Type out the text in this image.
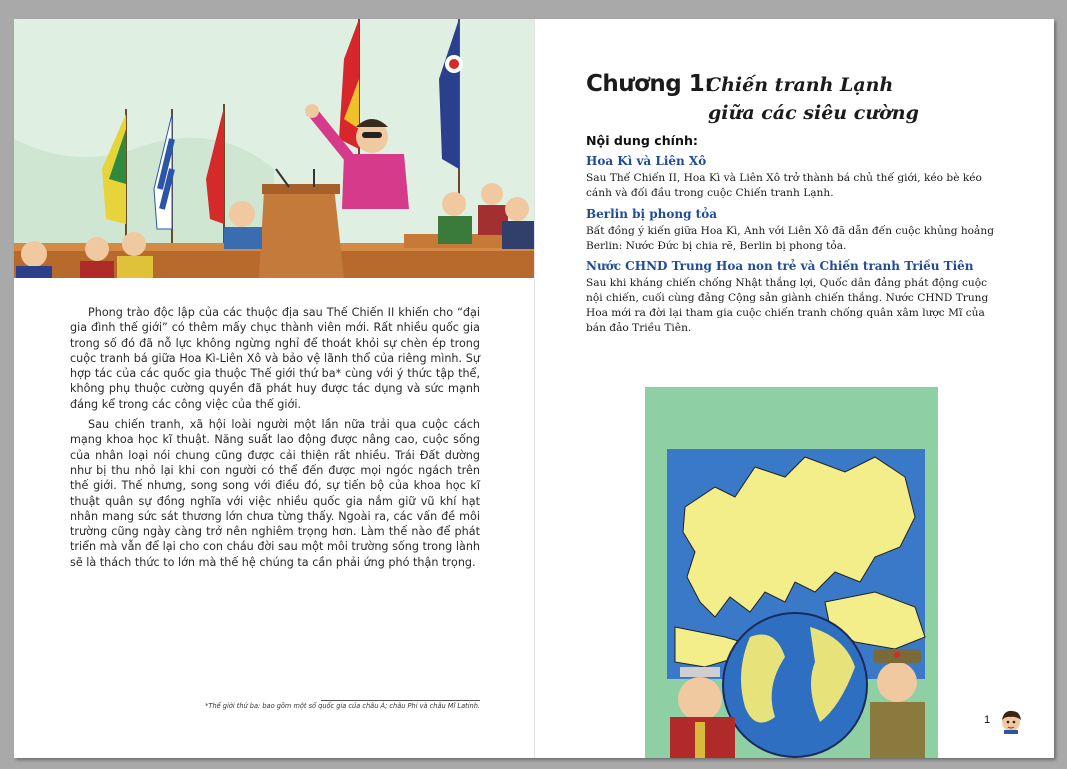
Phong trào độc lập của các thuộc địa sau Thế Chiến II khiến cho “đại gia đình thế giới” có thêm mấy chục thành viên mới. Rất nhiều quốc gia trong số đó đã nỗ lực không ngừng nghỉ để thoát khỏi sự chèn ép trong cuộc tranh bá giữa Hoa Kì-Liên Xô và bảo vệ lãnh thổ của riêng mình. Sự hợp tác của các quốc gia thuộc Thế giới thứ ba* cùng với ý thức tập thể, không phụ thuộc cường quyền đã phát huy được tác dụng và sức mạnh đáng kể trong các công việc của thế giới.

Sau chiến tranh, xã hội loài người một lần nữa trải qua cuộc cách mạng khoa học kĩ thuật. Năng suất lao động được nâng cao, cuộc sống của nhân loại nói chung cũng được cải thiện rất nhiều. Trái Đất dường như bị thu nhỏ lại khi con người có thể đến được mọi ngóc ngách trên thế giới. Thế nhưng, song song với điều đó, sự tiến bộ của khoa học kĩ thuật quân sự đồng nghĩa với việc nhiều quốc gia nắm giữ vũ khí hạt nhân mang sức sát thương lớn chưa từng thấy. Ngoài ra, các vấn đề môi trường cũng ngày càng trở nên nghiêm trọng hơn. Làm thế nào để phát triển mà vẫn để lại cho con cháu đời sau một môi trường sống trong lành sẽ là thách thức to lớn mà thế hệ chúng ta cần phải ứng phó thận trọng.

*Thế giới thứ ba: bao gồm một số quốc gia của châu Á; châu Phi và châu Mĩ Latinh.
Chương 1:
Chiến tranh Lạnh
giữa các siêu cường
Nội dung chính:
Hoa Kì và Liên Xô

Sau Thế Chiến II, Hoa Kì và Liên Xô trở thành bá chủ thế giới, kéo bè kéo cánh và đối đầu trong cuộc Chiến tranh Lạnh.

Berlin bị phong tỏa

Bất đồng ý kiến giữa Hoa Kì, Anh với Liên Xô đã dẫn đến cuộc khủng hoảng Berlin: Nước Đức bị chia rẽ, Berlin bị phong tỏa.

Nước CHND Trung Hoa non trẻ và Chiến tranh Triều Tiên

Sau khi kháng chiến chống Nhật thắng lợi, Quốc dân đảng phát động cuộc nội chiến, cuối cùng đảng Cộng sản giành chiến thắng. Nước CHND Trung Hoa mới ra đời lại tham gia cuộc chiến tranh chống quân xâm lược Mĩ của bán đảo Triều Tiên.

1
